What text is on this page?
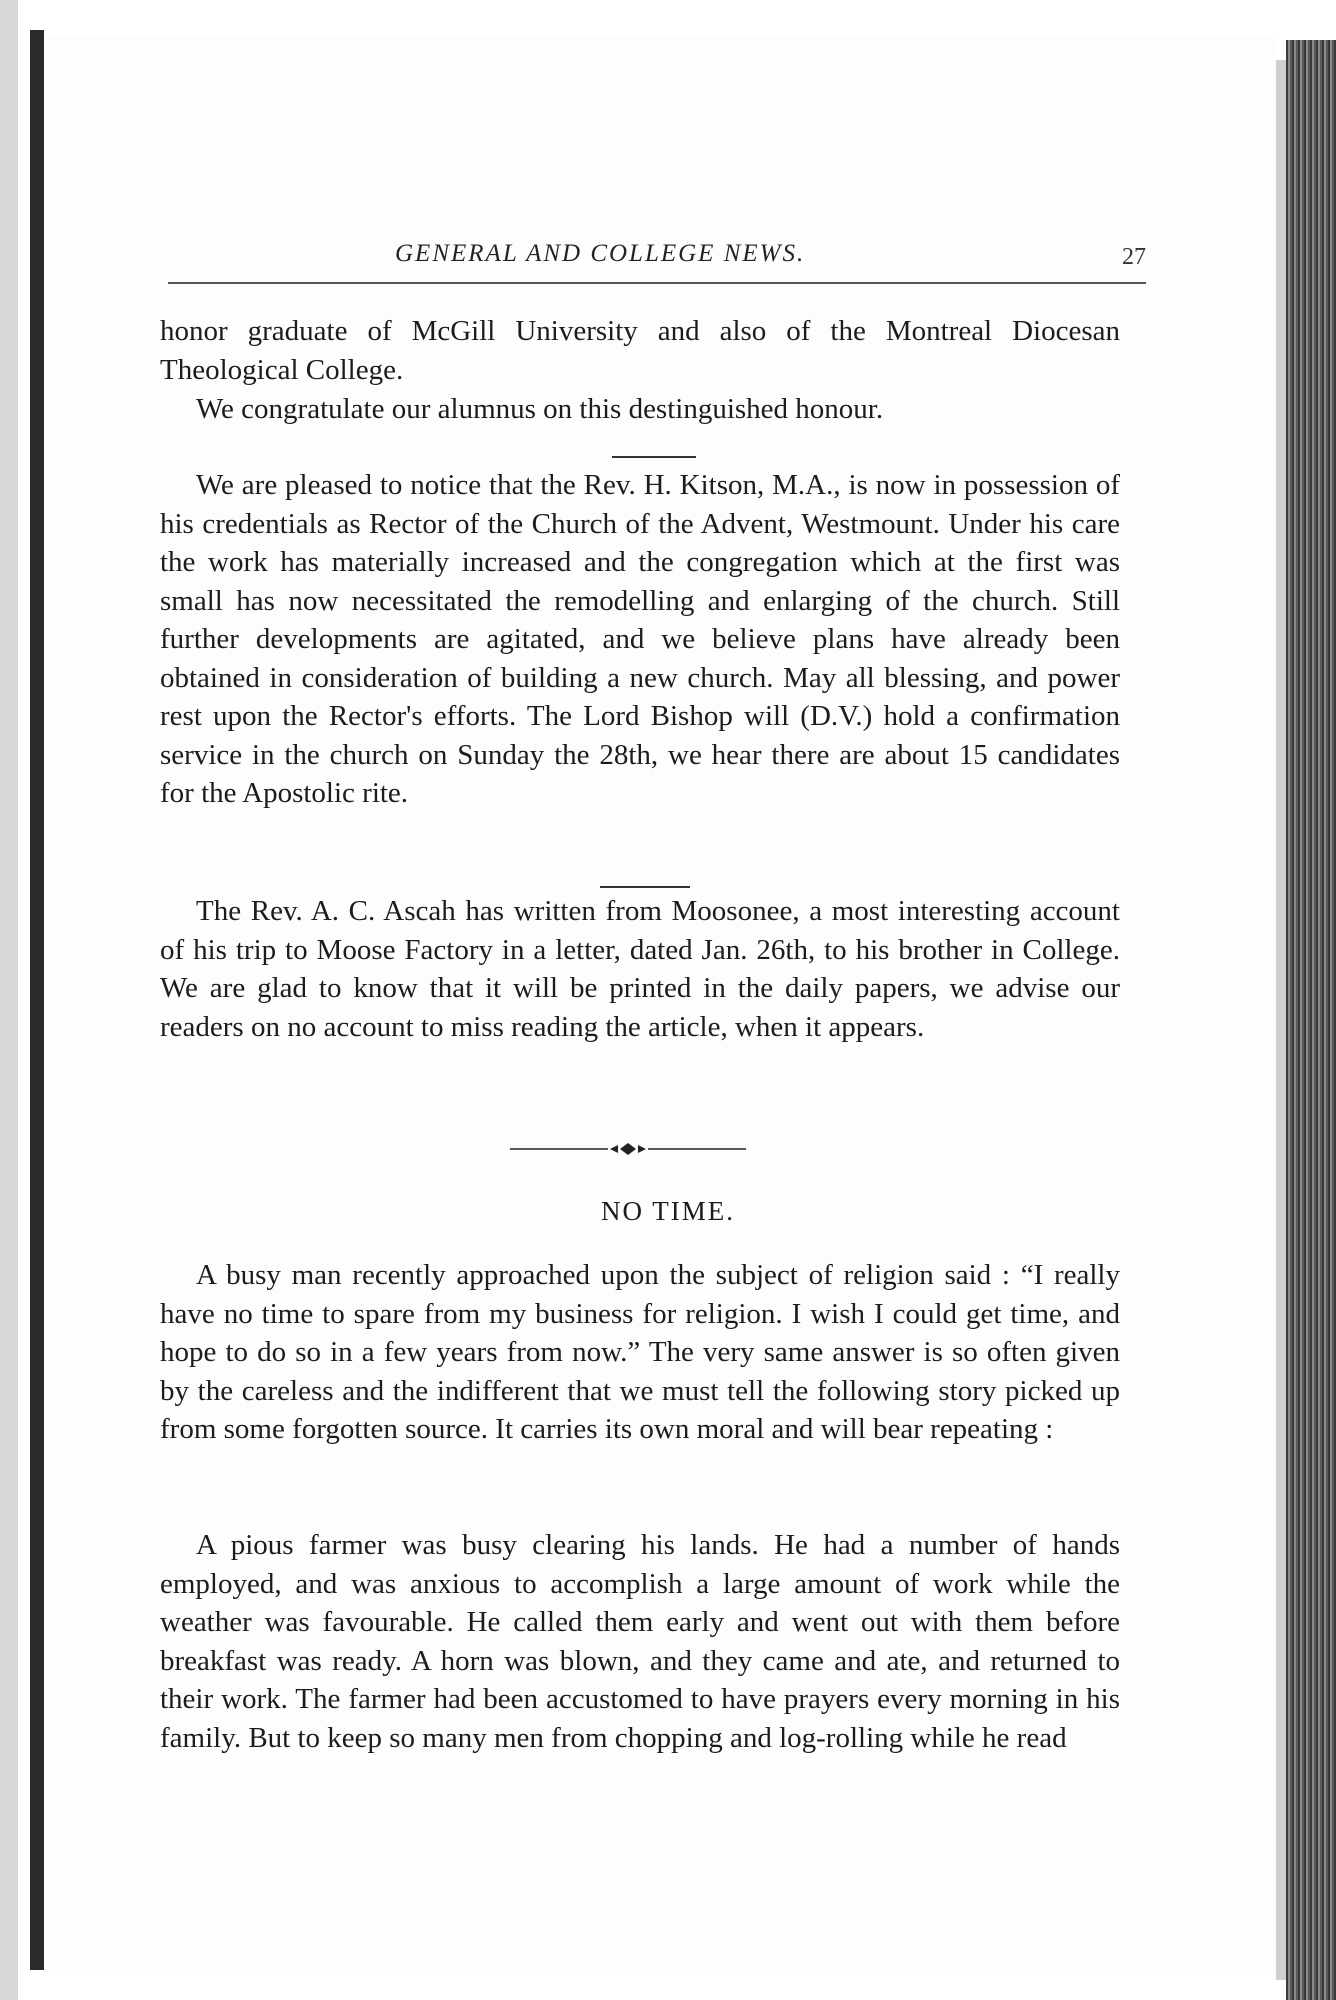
GENERAL AND COLLEGE NEWS.	27

honor graduate of McGill University and also of the Montreal Diocesan Theological College.

We congratulate our alumnus on this destinguished honour.

We are pleased to notice that the Rev. H. Kitson, M.A., is now in possession of his credentials as Rector of the Church of the Advent, Westmount. Under his care the work has materially increased and the congregation which at the first was small has now necessitated the remodelling and enlarging of the church. Still further developments are agitated, and we believe plans have already been obtained in consideration of building a new church. May all blessing, and power rest upon the Rector's efforts. The Lord Bishop will (D.V.) hold a confirmation service in the church on Sunday the 28th, we hear there are about 15 candidates for the Apostolic rite.

The Rev. A. C. Ascah has written from Moosonee, a most interesting account of his trip to Moose Factory in a letter, dated Jan. 26th, to his brother in College. We are glad to know that it will be printed in the daily papers, we advise our readers on no account to miss reading the article, when it appears.

NO TIME.

A busy man recently approached upon the subject of religion said : “I really have no time to spare from my business for religion. I wish I could get time, and hope to do so in a few years from now.” The very same answer is so often given by the careless and the indifferent that we must tell the following story picked up from some forgotten source. It carries its own moral and will bear repeating :

A pious farmer was busy clearing his lands. He had a number of hands employed, and was anxious to accomplish a large amount of work while the weather was favourable. He called them early and went out with them before breakfast was ready. A horn was blown, and they came and ate, and returned to their work. The farmer had been accustomed to have prayers every morning in his family. But to keep so many men from chopping and log-rolling while he read
